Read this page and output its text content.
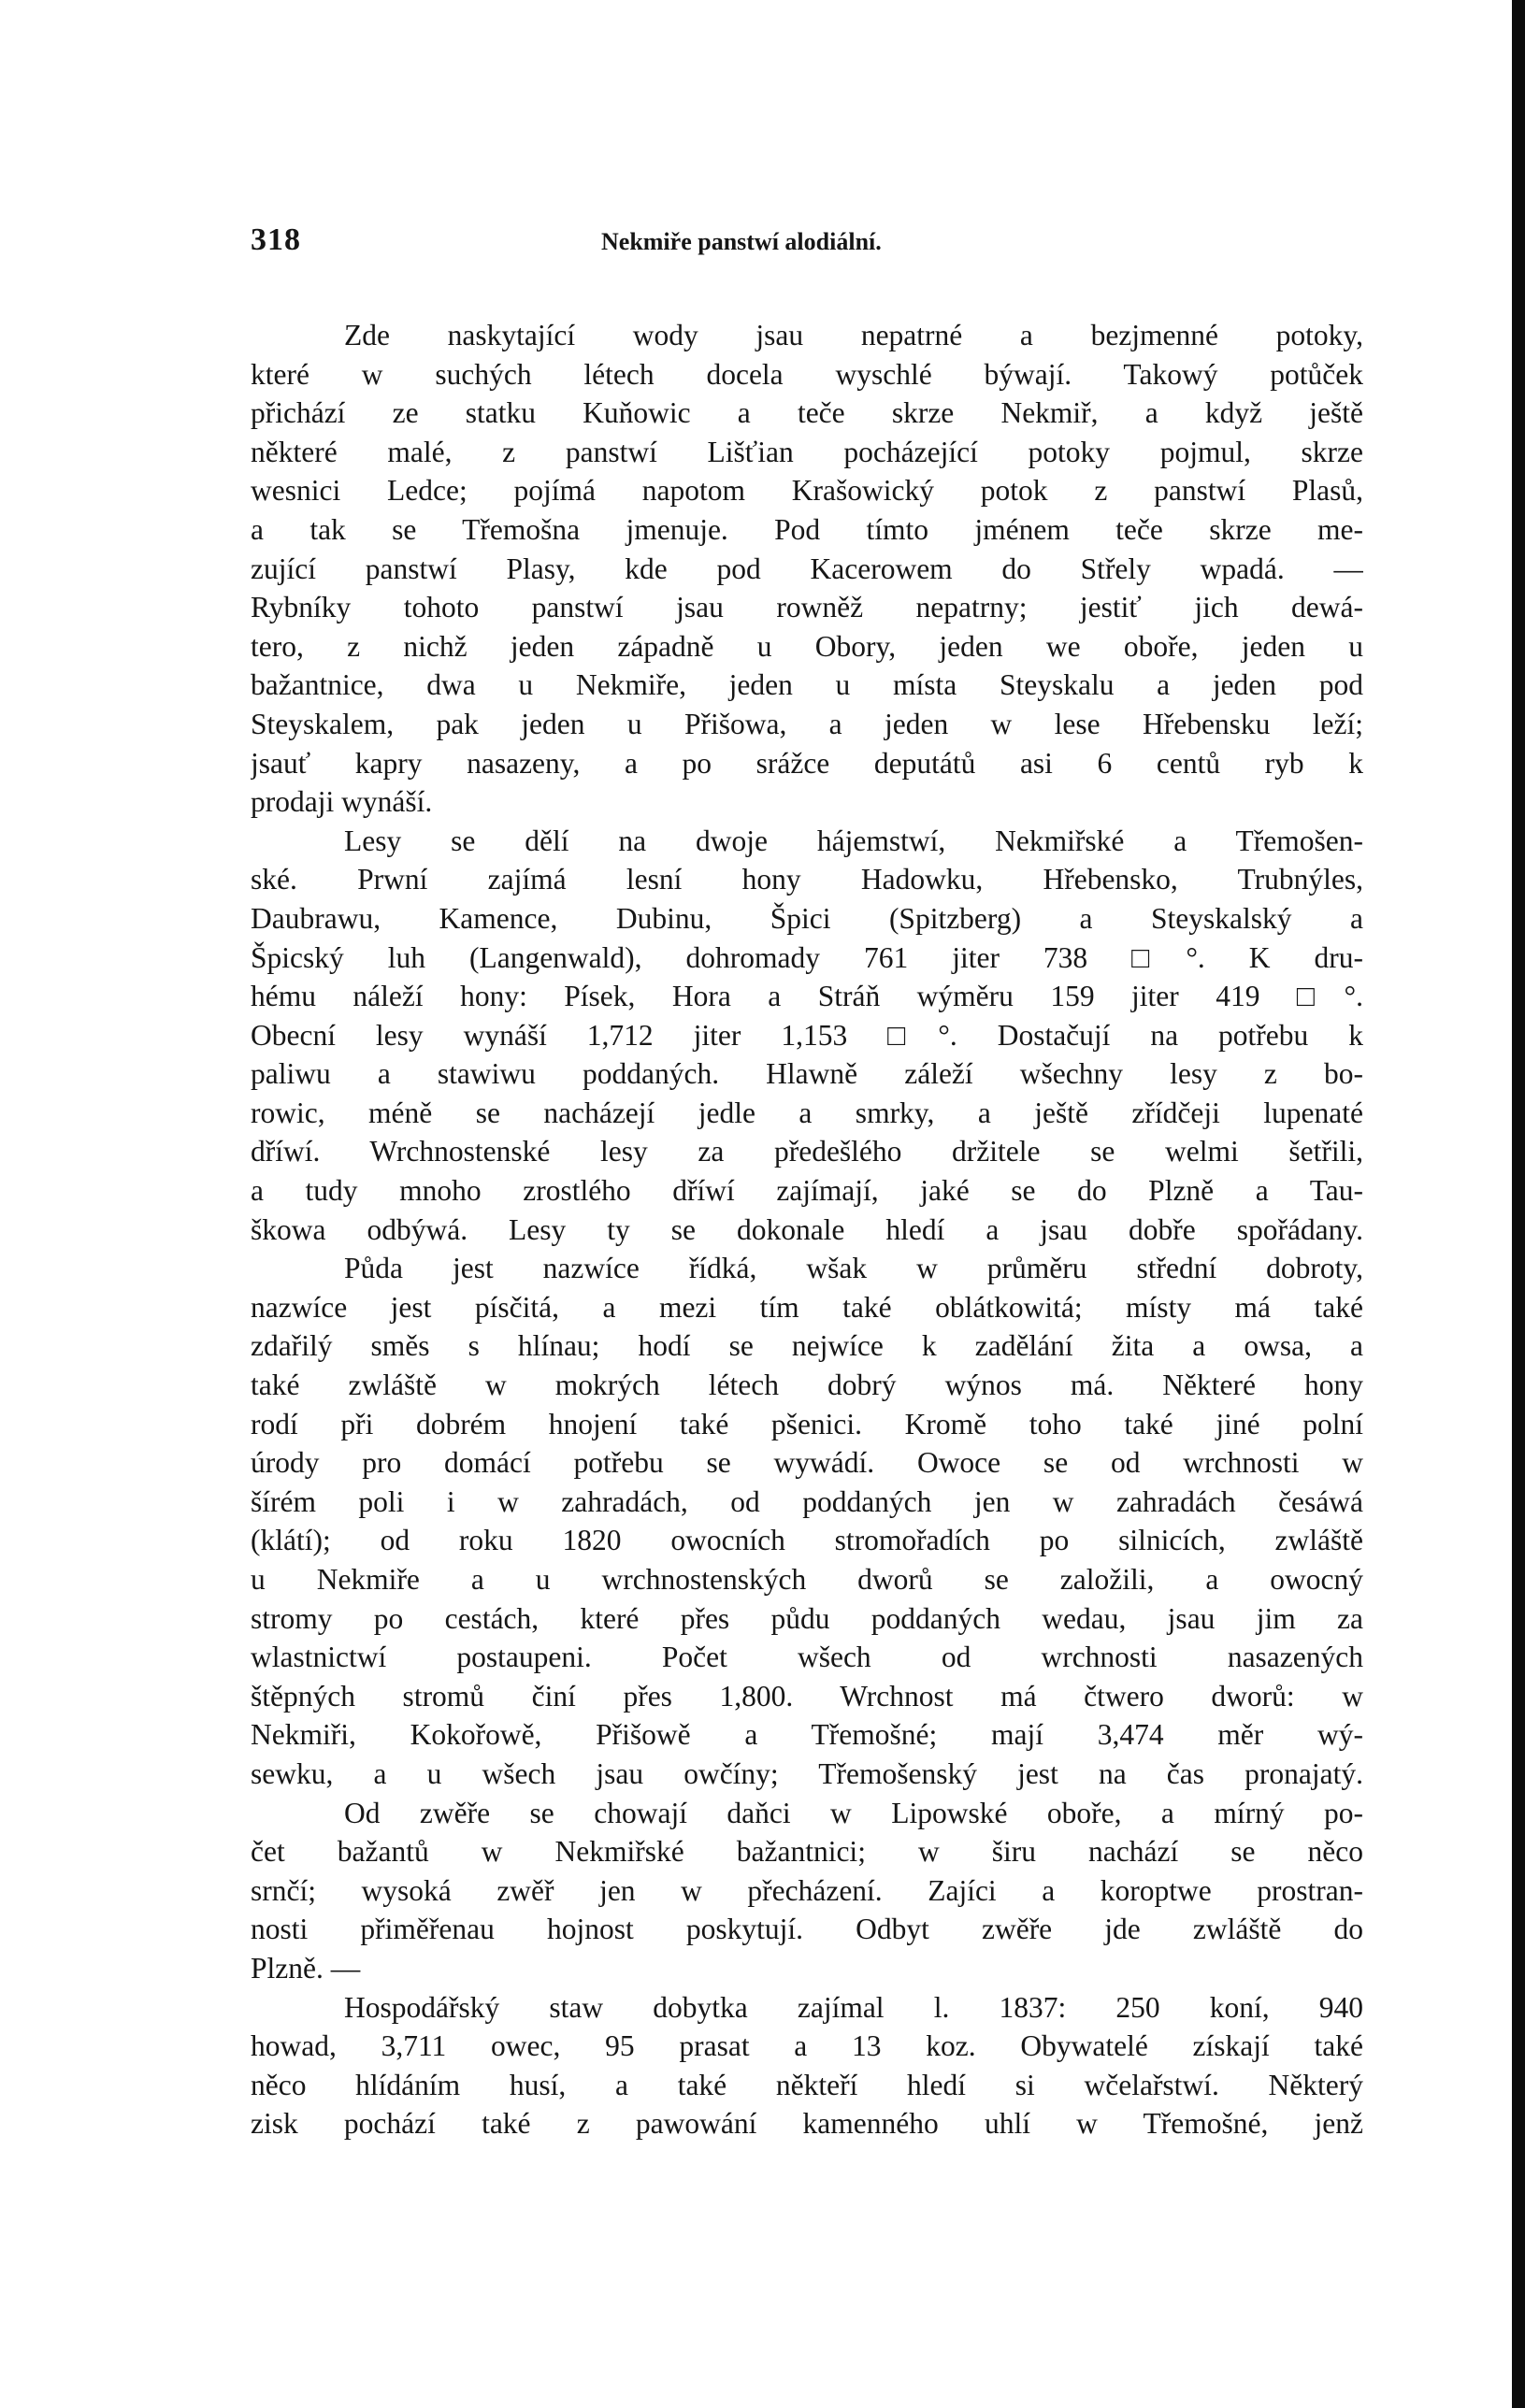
318	Nekmiře panstwí alodiální.
Zde naskytající wody jsau nepatrné a bezjmenné potoky,
které w suchých létech docela wyschlé býwají. Takowý potůček
přichází ze statku Kuňowic a teče skrze Nekmiř, a když ještě
některé malé, z panstwí Lišťian pocházející potoky pojmul, skrze
wesnici Ledce; pojímá napotom Krašowický potok z panstwí Plasů,
a tak se Třemošna jmenuje. Pod tímto jménem teče skrze me-
zující panstwí Plasy, kde pod Kacerowem do Střely wpadá. —
Rybníky tohoto panstwí jsau rowněž nepatrny; jestiť jich dewá-
tero, z nichž jeden západně u Obory, jeden we oboře, jeden u
bažantnice, dwa u Nekmiře, jeden u místa Steyskalu a jeden pod
Steyskalem, pak jeden u Přišowa, a jeden w lese Hřebensku leží;
jsauť kapry nasazeny, a po srážce deputátů asi 6 centů ryb k
prodaji wynáší.
Lesy se dělí na dwoje hájemstwí, Nekmiřské a Třemošen-
ské. Prwní zajímá lesní hony Hadowku, Hřebensko, Trubnýles,
Daubrawu, Kamence, Dubinu, Špici (Spitzberg) a Steyskalský a
Špicský luh (Langenwald), dohromady 761 jiter 738 □°. K dru-
hému náleží hony: Písek, Hora a Stráň wýměru 159 jiter 419 □°.
Obecní lesy wynáší 1,712 jiter 1,153 □°. Dostačují na potřebu k
paliwu a stawiwu poddaných. Hlawně záleží wšechny lesy z bo-
rowic, méně se nacházejí jedle a smrky, a ještě zřídčeji lupenaté
dříwí. Wrchnostenské lesy za předešlého držitele se welmi šetřili,
a tudy mnoho zrostlého dříwí zajímají, jaké se do Plzně a Tau-
škowa odbýwá. Lesy ty se dokonale hledí a jsau dobře spořádany.
Půda jest nazwíce řídká, wšak w průměru střední dobroty,
nazwíce jest písčitá, a mezi tím také oblátkowitá; místy má také
zdařilý směs s hlínau; hodí se nejwíce k zadělání žita a owsa, a
také zwláště w mokrých létech dobrý wýnos má. Některé hony
rodí při dobrém hnojení také pšenici. Kromě toho také jiné polní
úrody pro domácí potřebu se wywádí. Owoce se od wrchnosti w
šírém poli i w zahradách, od poddaných jen w zahradách česáwá
(klátí); od roku 1820 owocních stromořadích po silnicích, zwláště
u Nekmiře a u wrchnostenských dworů se založili, a owocný
stromy po cestách, které přes půdu poddaných wedau, jsau jim za
wlastnictwí postaupeni. Počet wšech od wrchnosti nasazených
štěpných stromů činí přes 1,800. Wrchnost má čtwero dworů: w
Nekmiři, Kokořowě, Přišowě a Třemošné; mají 3,474 měr wý-
sewku, a u wšech jsau owčíny; Třemošenský jest na čas pronajatý.
Od zwěře se chowají daňci w Lipowské oboře, a mírný po-
čet bažantů w Nekmiřské bažantnici; w širu nachází se něco
srnčí; wysoká zwěř jen w přecházení. Zajíci a koroptwe prostran-
nosti přiměřenau hojnost poskytují. Odbyt zwěře jde zwláště do
Plzně. —
Hospodářský staw dobytka zajímal l. 1837: 250 koní, 940
howad, 3,711 owec, 95 prasat a 13 koz. Obywatelé získají také
něco hlídáním husí, a také někteří hledí si wčelařstwí. Některý
zisk pochází také z pawowání kamenného uhlí w Třemošné, jenž
